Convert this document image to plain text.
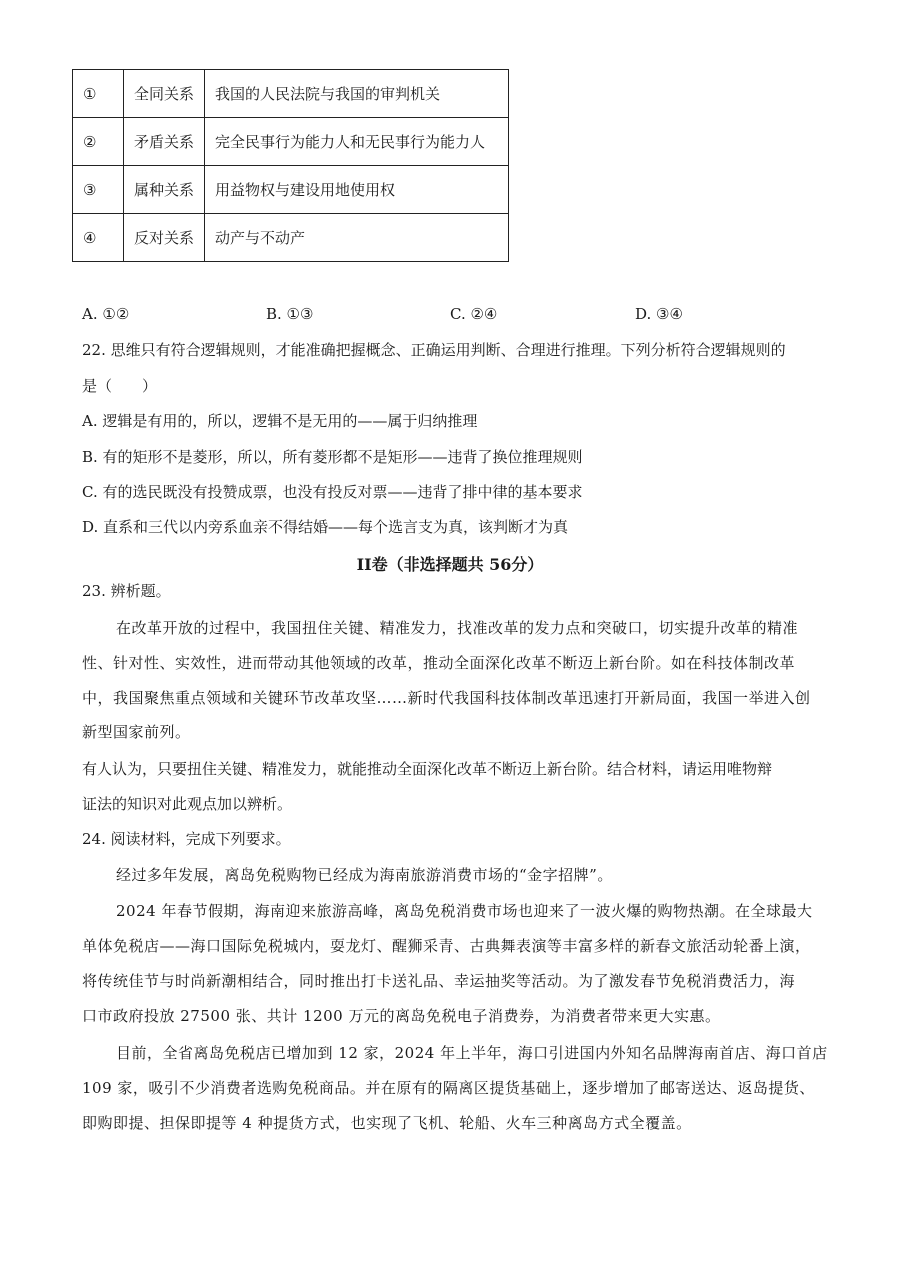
①	全同关系	我国的人民法院与我国的审判机关
②	矛盾关系	完全民事行为能力人和无民事行为能力人
③	属种关系	用益物权与建设用地使用权
④	反对关系	动产与不动产
A. ①②	B. ①③	C. ②④	D. ③④
22. 思维只有符合逻辑规则，才能准确把握概念、正确运用判断、合理进行推理。下列分析符合逻辑规则的
是（　　）
A. 逻辑是有用的，所以，逻辑不是无用的——属于归纳推理
B. 有的矩形不是菱形，所以，所有菱形都不是矩形——违背了换位推理规则
C. 有的选民既没有投赞成票，也没有投反对票——违背了排中律的基本要求
D. 直系和三代以内旁系血亲不得结婚——每个选言支为真，该判断才为真
II卷（非选择题共 56分）
23. 辨析题。
在改革开放的过程中，我国扭住关键、精准发力，找准改革的发力点和突破口，切实提升改革的精准
性、针对性、实效性，进而带动其他领域的改革，推动全面深化改革不断迈上新台阶。如在科技体制改革
中，我国聚焦重点领域和关键环节改革攻坚……新时代我国科技体制改革迅速打开新局面，我国一举进入创
新型国家前列。
有人认为，只要扭住关键、精准发力，就能推动全面深化改革不断迈上新台阶。结合材料，请运用唯物辩
证法的知识对此观点加以辨析。
24. 阅读材料，完成下列要求。
经过多年发展，离岛免税购物已经成为海南旅游消费市场的“金字招牌”。
2024 年春节假期，海南迎来旅游高峰，离岛免税消费市场也迎来了一波火爆的购物热潮。在全球最大
单体免税店——海口国际免税城内，耍龙灯、醒狮采青、古典舞表演等丰富多样的新春文旅活动轮番上演，
将传统佳节与时尚新潮相结合，同时推出打卡送礼品、幸运抽奖等活动。为了激发春节免税消费活力，海
口市政府投放 27500 张、共计 1200 万元的离岛免税电子消费券，为消费者带来更大实惠。
目前，全省离岛免税店已增加到 12 家，2024 年上半年，海口引进国内外知名品牌海南首店、海口首店
109 家，吸引不少消费者选购免税商品。并在原有的隔离区提货基础上，逐步增加了邮寄送达、返岛提货、
即购即提、担保即提等 4 种提货方式，也实现了飞机、轮船、火车三种离岛方式全覆盖。
